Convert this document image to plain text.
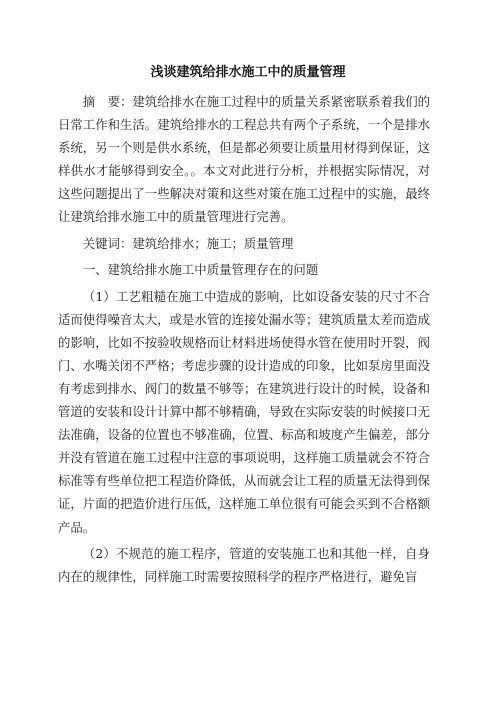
浅谈建筑给排水施工中的质量管理

摘　要：建筑给排水在施工过程中的质量关系紧密联系着我们的日常工作和生活。建筑给排水的工程总共有两个子系统，一个是排水系统，另一个则是供水系统，但是都必须要让质量用材得到保证，这样供水才能够得到安全。。本文对此进行分析，并根据实际情况，对这些问题提出了一些解决对策和这些对策在施工过程中的实施，最终让建筑给排水施工中的质量管理进行完善。

关键词：建筑给排水；施工；质量管理

一、建筑给排水施工中质量管理存在的问题

（1）工艺粗糙在施工中造成的影响，比如设备安装的尺寸不合适而使得噪音太大，或是水管的连接处漏水等；建筑质量太差而造成的影响，比如不按验收规格而让材料进场使得水管在使用时开裂，阀门、水嘴关闭不严格；考虑步骤的设计造成的印象，比如泵房里面没有考虑到排水、阀门的数量不够等；在建筑进行设计的时候，设备和管道的安装和设计计算中都不够精确，导致在实际安装的时候接口无法准确，设备的位置也不够准确，位置、标高和坡度产生偏差，部分并没有管道在施工过程中注意的事项说明，这样施工质量就会不符合标准等有些单位把工程造价降低，从而就会让工程的质量无法得到保证，片面的把造价进行压低，这样施工单位很有可能会买到不合格额产品。

（2）不规范的施工程序，管道的安装施工也和其他一样，自身内在的规律性，同样施工时需要按照科学的程序严格进行，避免盲
